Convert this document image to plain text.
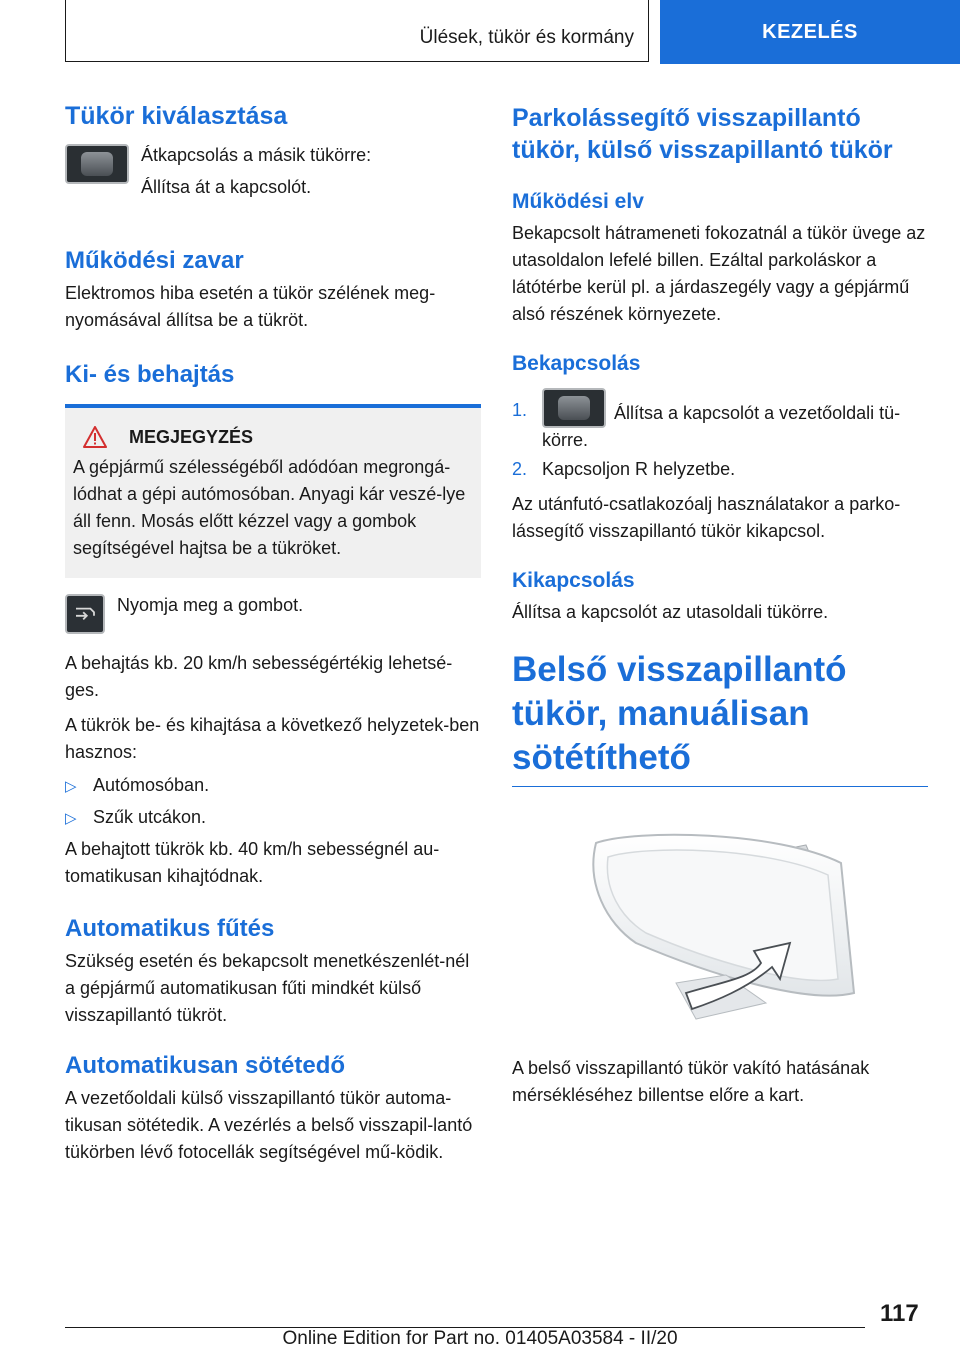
Ülések, tükör és kormány	KEZELÉS
Tükör kiválasztása

Átkapcsolás a másik tükörre:

Állítsa át a kapcsolót.

Működési zavar

Elektromos hiba esetén a tükör szélének meg‐nyomásával állítsa be a tükröt.

Ki- és behajtás
MEGJEGYZÉS

A gépjármű szélességéből adódóan megrongá‐lódhat a gépi autómosóban. Anyagi kár veszé‐lye áll fenn. Mosás előtt kézzel vagy a gombok segítségével hajtsa be a tükröket.

Nyomja meg a gombot.

A behajtás kb. 20 km/h sebességértékig lehetsé‐ges.

A tükrök be- és kihajtása a következő helyzetek‐ben hasznos:

▷ Autómosóban.

▷ Szűk utcákon.

A behajtott tükrök kb. 40 km/h sebességnél au‐tomatikusan kihajtódnak.

Automatikus fűtés

Szükség esetén és bekapcsolt menetkészenlét‐nél a gépjármű automatikusan fűti mindkét külső visszapillantó tükröt.

Automatikusan sötétedő

A vezetőoldali külső visszapillantó tükör automa‐tikusan sötétedik. A vezérlés a belső visszapil‐lantó tükörben lévő fotocellák segítségével mű‐ködik.

Parkolássegítő visszapillantó tükör, külső visszapillantó tükör
Működési elv

Bekapcsolt hátrameneti fokozatnál a tükör üvege az utasoldalon lefelé billen. Ezáltal parkoláskor a látótérbe kerül pl. a járdaszegély vagy a gépjármű alsó részének környezete.

Bekapcsolás
1.	Állítsa a kapcsolót a vezetőoldali tü‐körre.

2. Kapcsoljon R helyzetbe.

Az utánfutó-csatlakozóalj használatakor a parko‐lássegítő visszapillantó tükör kikapcsol.

Kikapcsolás

Állítsa a kapcsolót az utasoldali tükörre.

Belső visszapillantó tükör, manuálisan sötétíthető

A belső visszapillantó tükör vakító hatásának mérsékléséhez billentse előre a kart.

117
Online Edition for Part no. 01405A03584 - II/20
